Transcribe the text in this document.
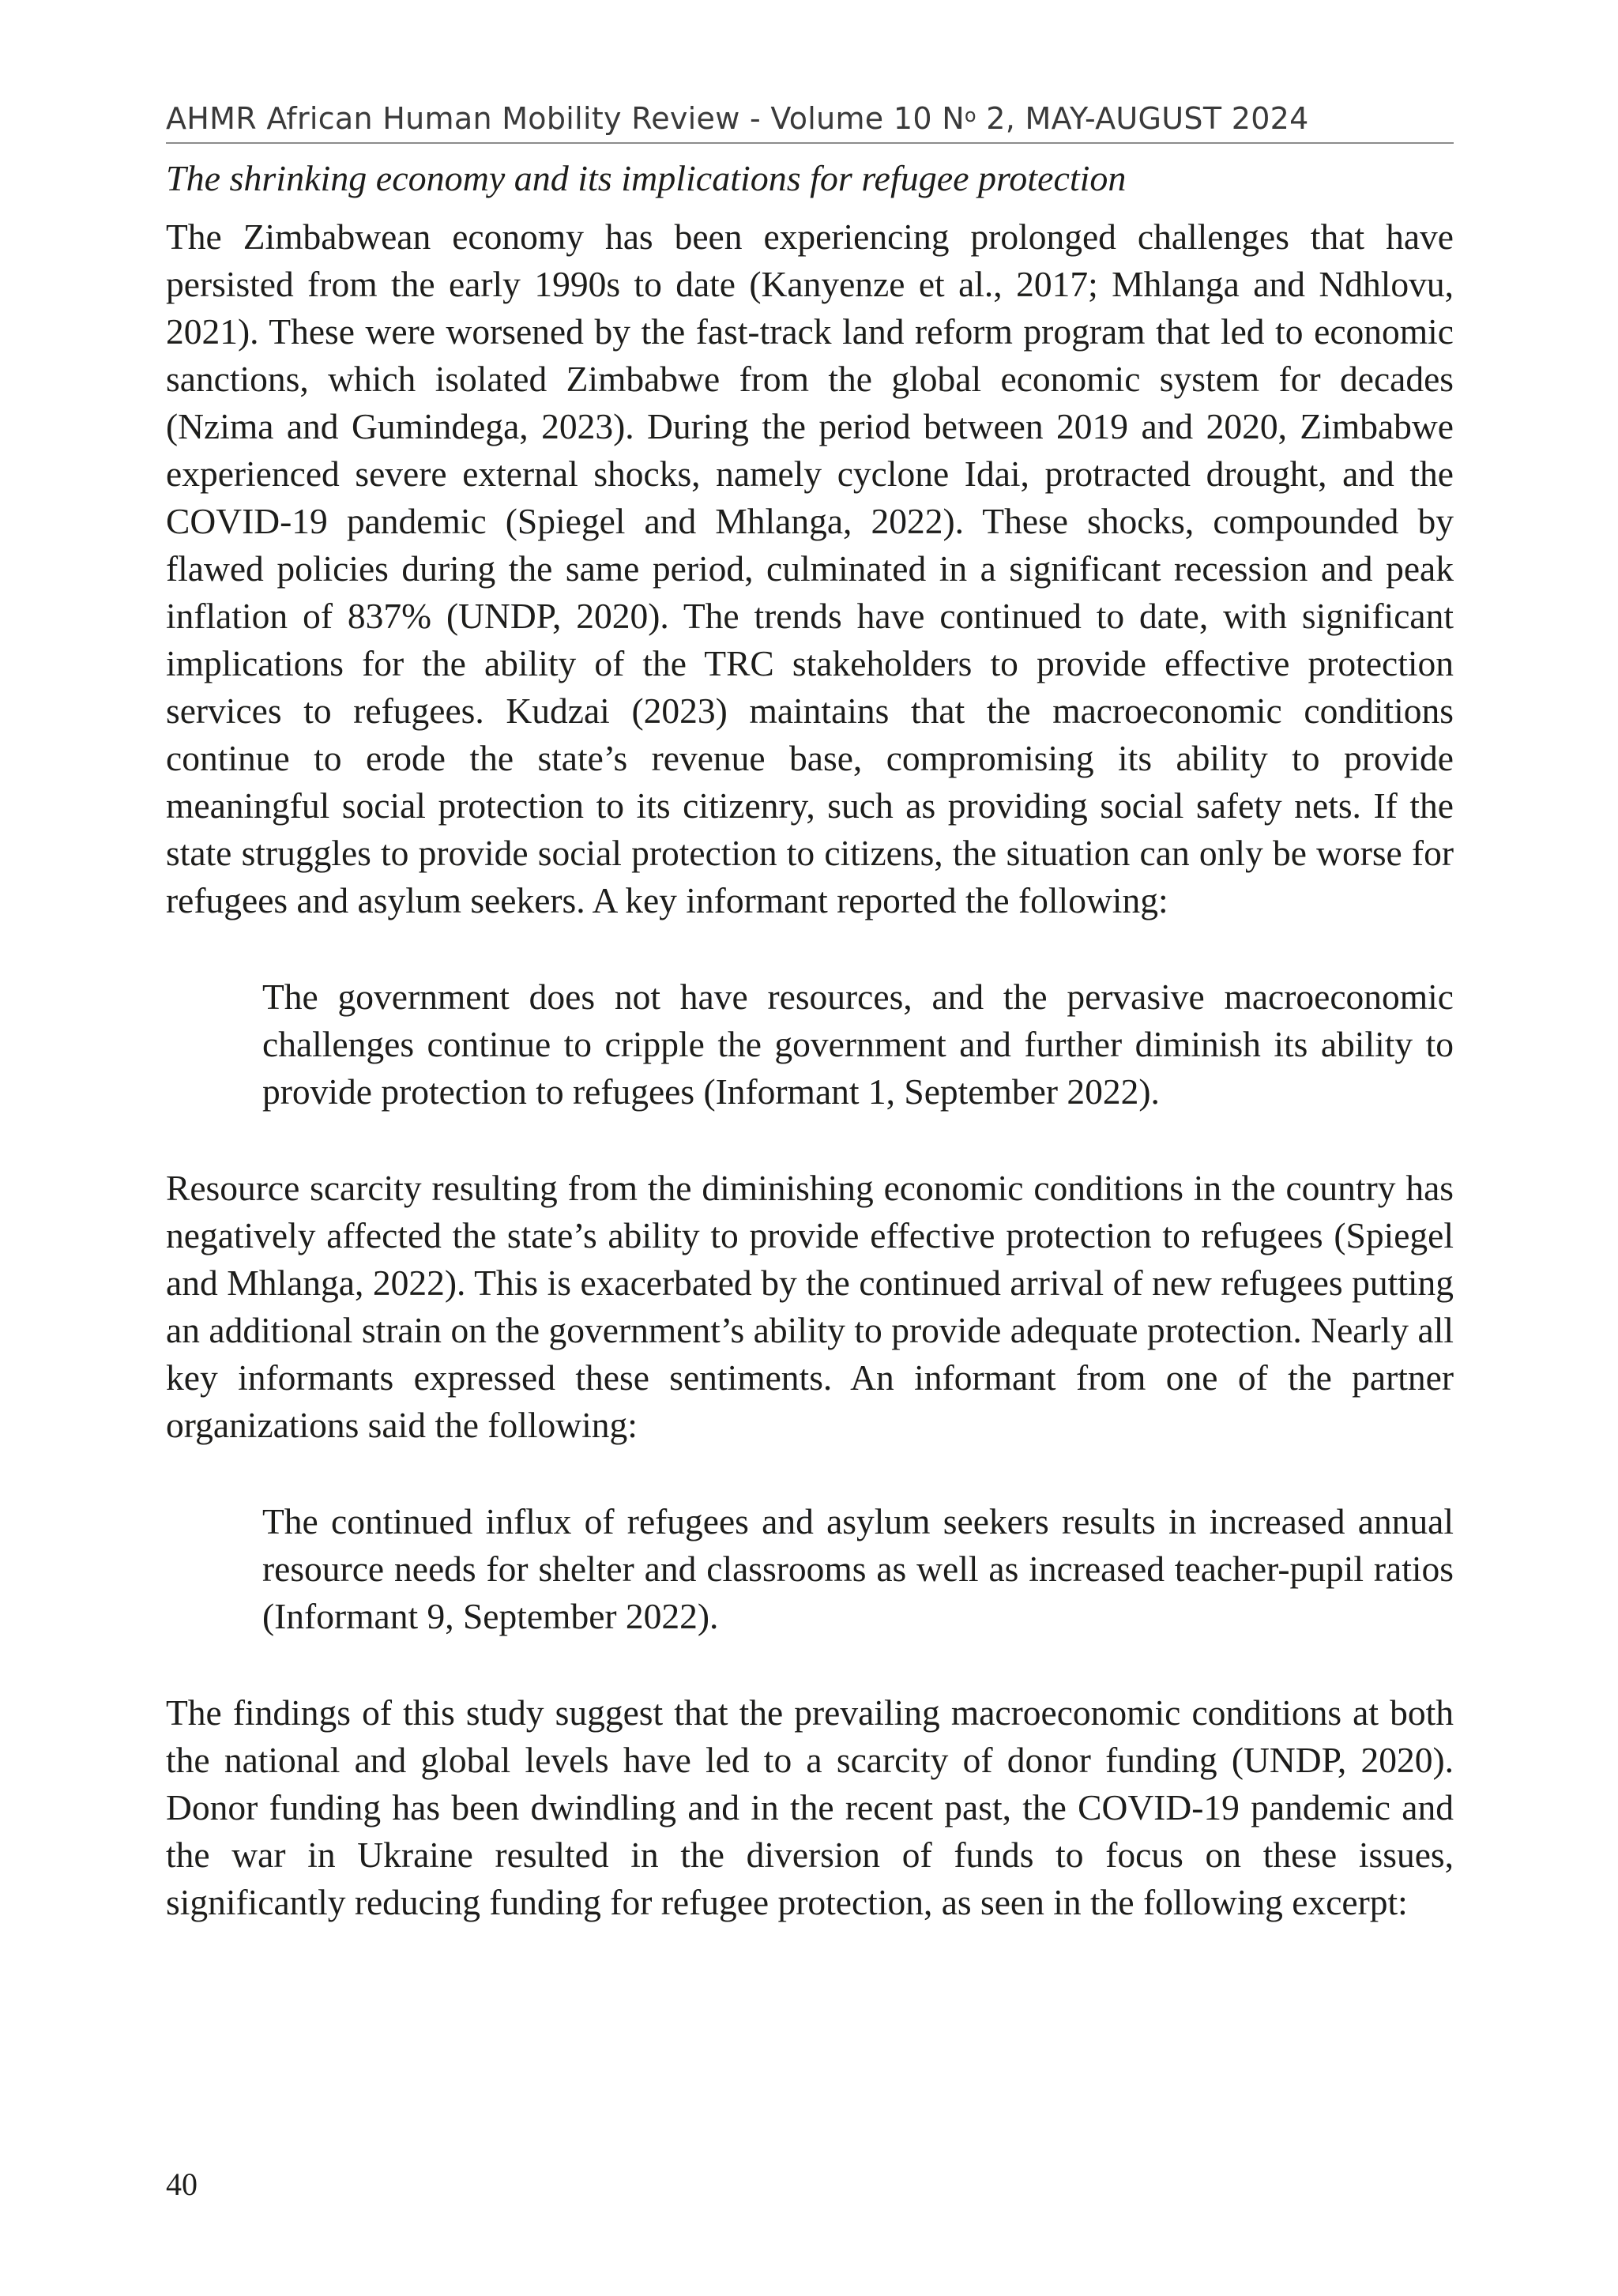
AHMR African Human Mobility Review - Volume 10 $N^o$ 2, MAY-AUGUST 2024
The shrinking economy and its implications for refugee protection

The Zimbabwean economy has been experiencing prolonged challenges that have persisted from the early 1990s to date (Kanyenze et al., 2017; Mhlanga and Ndhlovu, 2021). These were worsened by the fast-track land reform program that led to economic sanctions, which isolated Zimbabwe from the global economic system for decades (Nzima and Gumindega, 2023). During the period between 2019 and 2020, Zimbabwe experienced severe external shocks, namely cyclone Idai, protracted drought, and the COVID-19 pandemic (Spiegel and Mhlanga, 2022). These shocks, compounded by flawed policies during the same period, culminated in a significant recession and peak inflation of 837% (UNDP, 2020). The trends have continued to date, with significant implications for the ability of the TRC stakeholders to provide effective protection services to refugees. Kudzai (2023) maintains that the macroeconomic conditions continue to erode the state’s revenue base, compromising its ability to provide meaningful social protection to its citizenry, such as providing social safety nets. If the state struggles to provide social protection to citizens, the situation can only be worse for refugees and asylum seekers. A key informant reported the following:

The government does not have resources, and the pervasive macroeconomic challenges continue to cripple the government and further diminish its ability to provide protection to refugees (Informant 1, September 2022).

Resource scarcity resulting from the diminishing economic conditions in the country has negatively affected the state’s ability to provide effective protection to refugees (Spiegel and Mhlanga, 2022). This is exacerbated by the continued arrival of new refugees putting an additional strain on the government’s ability to provide adequate protection. Nearly all key informants expressed these sentiments. An informant from one of the partner organizations said the following:

The continued influx of refugees and asylum seekers results in increased annual resource needs for shelter and classrooms as well as increased teacher-pupil ratios (Informant 9, September 2022).

The findings of this study suggest that the prevailing macroeconomic conditions at both the national and global levels have led to a scarcity of donor funding (UNDP, 2020). Donor funding has been dwindling and in the recent past, the COVID-19 pandemic and the war in Ukraine resulted in the diversion of funds to focus on these issues, significantly reducing funding for refugee protection, as seen in the following excerpt:

40
